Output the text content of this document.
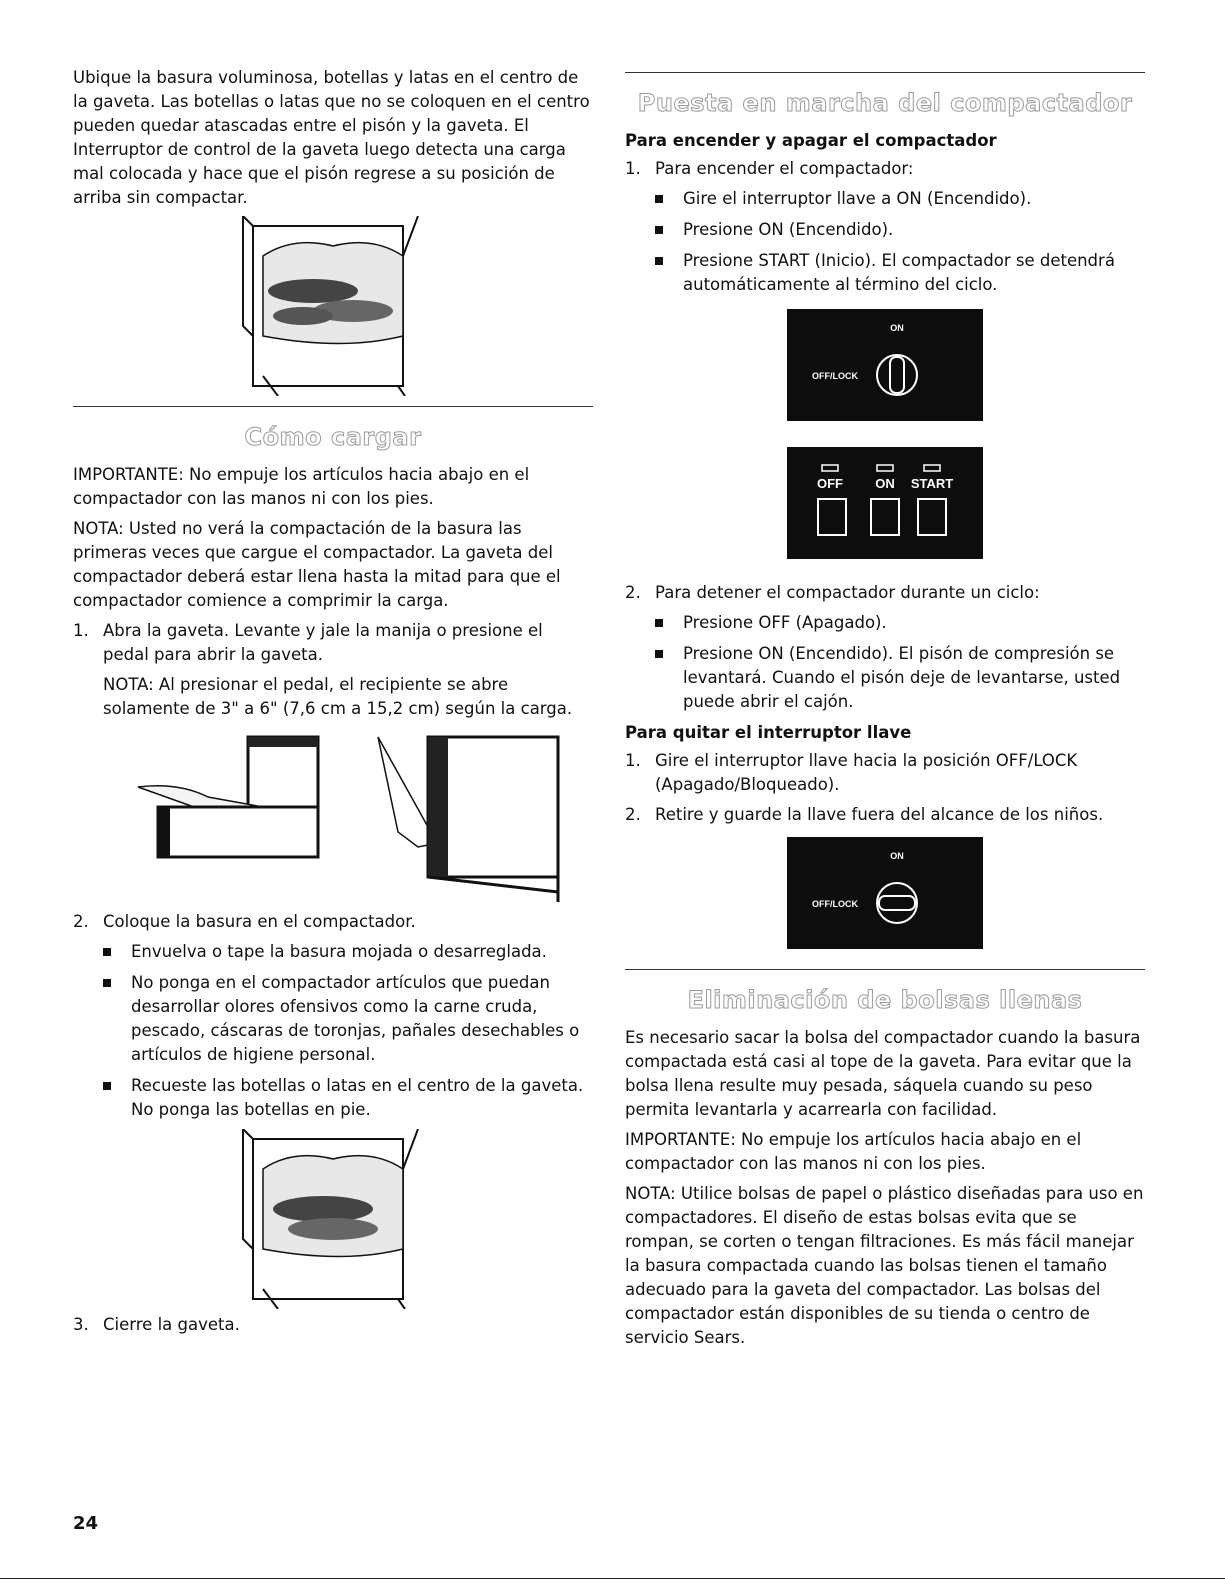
Ubique la basura voluminosa, botellas y latas en el centro de la gaveta. Las botellas o latas que no se coloquen en el centro pueden quedar atascadas entre el pisón y la gaveta. El Interruptor de control de la gaveta luego detecta una carga mal colocada y hace que el pisón regrese a su posición de arriba sin compactar.

Cómo cargar

IMPORTANTE: No empuje los artículos hacia abajo en el compactador con las manos ni con los pies.

NOTA: Usted no verá la compactación de la basura las primeras veces que cargue el compactador. La gaveta del compactador deberá estar llena hasta la mitad para que el compactador comience a comprimir la carga.

1. Abra la gaveta. Levante y jale la manija o presione el pedal para abrir la gaveta.

NOTA: Al presionar el pedal, el recipiente se abre solamente de 3" a 6" (7,6 cm a 15,2 cm) según la carga.

2. Coloque la basura en el compactador.
Envuelva o tape la basura mojada o desarreglada.
No ponga en el compactador artículos que puedan desarrollar olores ofensivos como la carne cruda, pescado, cáscaras de toronjas, pañales desechables o artículos de higiene personal.
Recueste las botellas o latas en el centro de la gaveta. No ponga las botellas en pie.
3. Cierre la gaveta.
Puesta en marcha del compactador

Para encender y apagar el compactador

1. Para encender el compactador:
Gire el interruptor llave a ON (Encendido).
Presione ON (Encendido).
Presione START (Inicio). El compactador se detendrá automáticamente al término del ciclo.
ON
OFF/LOCK
OFF ON START
2. Para detener el compactador durante un ciclo:
Presione OFF (Apagado).
Presione ON (Encendido). El pisón de compresión se levantará. Cuando el pisón deje de levantarse, usted puede abrir el cajón.

Para quitar el interruptor llave

1. Gire el interruptor llave hacia la posición OFF/LOCK (Apagado/Bloqueado).
2. Retire y guarde la llave fuera del alcance de los niños.
ON
OFF/LOCK
Eliminación de bolsas llenas

Es necesario sacar la bolsa del compactador cuando la basura compactada está casi al tope de la gaveta. Para evitar que la bolsa llena resulte muy pesada, sáquela cuando su peso permita levantarla y acarrearla con facilidad.

IMPORTANTE: No empuje los artículos hacia abajo en el compactador con las manos ni con los pies.

NOTA: Utilice bolsas de papel o plástico diseñadas para uso en compactadores. El diseño de estas bolsas evita que se rompan, se corten o tengan filtraciones. Es más fácil manejar la basura compactada cuando las bolsas tienen el tamaño adecuado para la gaveta del compactador. Las bolsas del compactador están disponibles de su tienda o centro de servicio Sears.

24
